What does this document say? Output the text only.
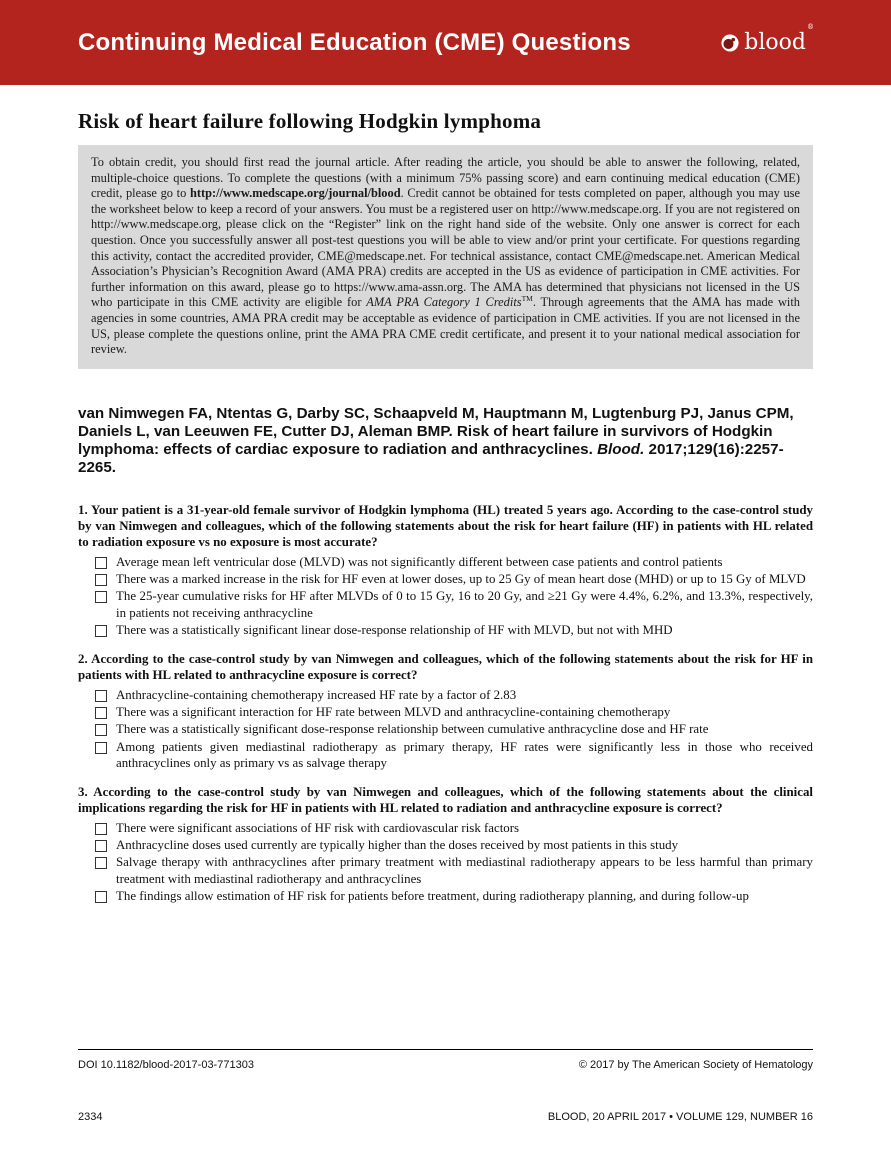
Continuing Medical Education (CME) Questions	blood®
Risk of heart failure following Hodgkin lymphoma
To obtain credit, you should first read the journal article. After reading the article, you should be able to answer the following, related, multiple-choice questions. To complete the questions (with a minimum 75% passing score) and earn continuing medical education (CME) credit, please go to http://www.medscape.org/journal/blood. Credit cannot be obtained for tests completed on paper, although you may use the worksheet below to keep a record of your answers. You must be a registered user on http://www.medscape.org. If you are not registered on http://www.medscape.org, please click on the “Register” link on the right hand side of the website. Only one answer is correct for each question. Once you successfully answer all post-test questions you will be able to view and/or print your certificate. For questions regarding this activity, contact the accredited provider, CME@medscape.net. For technical assistance, contact CME@medscape.net. American Medical Association’s Physician’s Recognition Award (AMA PRA) credits are accepted in the US as evidence of participation in CME activities. For further information on this award, please go to https://www.ama-assn.org. The AMA has determined that physicians not licensed in the US who participate in this CME activity are eligible for AMA PRA Category 1 Credits™. Through agreements that the AMA has made with agencies in some countries, AMA PRA credit may be acceptable as evidence of participation in CME activities. If you are not licensed in the US, please complete the questions online, print the AMA PRA CME credit certificate, and present it to your national medical association for review.

van Nimwegen FA, Ntentas G, Darby SC, Schaapveld M, Hauptmann M, Lugtenburg PJ, Janus CPM, Daniels L, van Leeuwen FE, Cutter DJ, Aleman BMP. Risk of heart failure in survivors of Hodgkin lymphoma: effects of cardiac exposure to radiation and anthracyclines. Blood. 2017;129(16):2257-2265.

1. Your patient is a 31-year-old female survivor of Hodgkin lymphoma (HL) treated 5 years ago. According to the case-control study by van Nimwegen and colleagues, which of the following statements about the risk for heart failure (HF) in patients with HL related to radiation exposure vs no exposure is most accurate?

Average mean left ventricular dose (MLVD) was not significantly different between case patients and control patients
There was a marked increase in the risk for HF even at lower doses, up to 25 Gy of mean heart dose (MHD) or up to 15 Gy of MLVD
The 25-year cumulative risks for HF after MLVDs of 0 to 15 Gy, 16 to 20 Gy, and ≥21 Gy were 4.4%, 6.2%, and 13.3%, respectively, in patients not receiving anthracycline
There was a statistically significant linear dose-response relationship of HF with MLVD, but not with MHD

2. According to the case-control study by van Nimwegen and colleagues, which of the following statements about the risk for HF in patients with HL related to anthracycline exposure is correct?

Anthracycline-containing chemotherapy increased HF rate by a factor of 2.83
There was a significant interaction for HF rate between MLVD and anthracycline-containing chemotherapy
There was a statistically significant dose-response relationship between cumulative anthracycline dose and HF rate
Among patients given mediastinal radiotherapy as primary therapy, HF rates were significantly less in those who received anthracyclines only as primary vs as salvage therapy

3. According to the case-control study by van Nimwegen and colleagues, which of the following statements about the clinical implications regarding the risk for HF in patients with HL related to radiation and anthracycline exposure is correct?

There were significant associations of HF risk with cardiovascular risk factors
Anthracycline doses used currently are typically higher than the doses received by most patients in this study
Salvage therapy with anthracyclines after primary treatment with mediastinal radiotherapy appears to be less harmful than primary treatment with mediastinal radiotherapy and anthracyclines
The findings allow estimation of HF risk for patients before treatment, during radiotherapy planning, and during follow-up
DOI 10.1182/blood-2017-03-771303	© 2017 by The American Society of Hematology
2334	BLOOD, 20 APRIL 2017 • VOLUME 129, NUMBER 16
